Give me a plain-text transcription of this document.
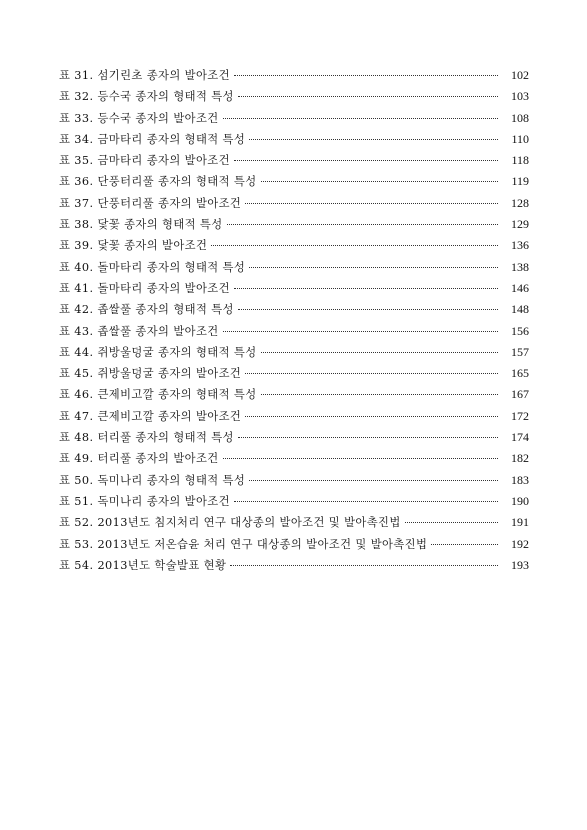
표 31. 섬기린초 종자의 발아조건	102
표 32. 등수국 종자의 형태적 특성	103
표 33. 등수국 종자의 발아조건	108
표 34. 금마타리 종자의 형태적 특성	110
표 35. 금마타리 종자의 발아조건	118
표 36. 단풍터리풀 종자의 형태적 특성	119
표 37. 단풍터리풀 종자의 발아조건	128
표 38. 닻꽃 종자의 형태적 특성	129
표 39. 닻꽃 종자의 발아조건	136
표 40. 돌마타리 종자의 형태적 특성	138
표 41. 돌마타리 종자의 발아조건	146
표 42. 좁쌀풀 종자의 형태적 특성	148
표 43. 좁쌀풀 종자의 발아조건	156
표 44. 쥐방울덩굴 종자의 형태적 특성	157
표 45. 쥐방울덩굴 종자의 발아조건	165
표 46. 큰제비고깔 종자의 형태적 특성	167
표 47. 큰제비고깔 종자의 발아조건	172
표 48. 터리풀 종자의 형태적 특성	174
표 49. 터리풀 종자의 발아조건	182
표 50. 독미나리 종자의 형태적 특성	183
표 51. 독미나리 종자의 발아조건	190
표 52. 2013년도 침지처리 연구 대상종의 발아조건 및 발아촉진법	191
표 53. 2013년도 저온습윤 처리 연구 대상종의 발아조건 및 발아촉진법	192
표 54. 2013년도 학술발표 현황	193
